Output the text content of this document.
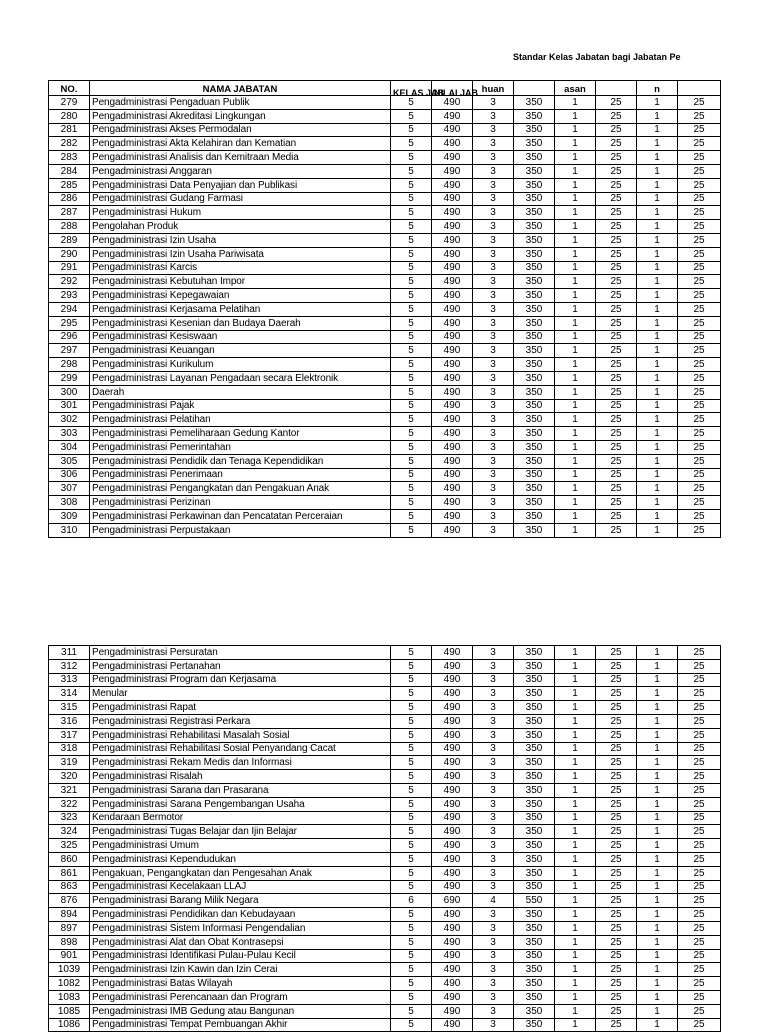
Standar Kelas Jabatan bagi Jabatan Pe
NO.	NAMA JABATAN	KELAS JAB	NILAI JAB	huan		asan		n	
279	Pengadministrasi Pengaduan Publik	5	490	3	350	1	25	1	25
280	Pengadministrasi Akreditasi Lingkungan	5	490	3	350	1	25	1	25
281	Pengadministrasi Akses Permodalan	5	490	3	350	1	25	1	25
282	Pengadministrasi Akta Kelahiran dan Kematian	5	490	3	350	1	25	1	25
283	Pengadministrasi Analisis dan Kemitraan Media	5	490	3	350	1	25	1	25
284	Pengadministrasi Anggaran	5	490	3	350	1	25	1	25
285	Pengadministrasi Data Penyajian dan Publikasi	5	490	3	350	1	25	1	25
286	Pengadministrasi Gudang Farmasi	5	490	3	350	1	25	1	25
287	Pengadministrasi Hukum	5	490	3	350	1	25	1	25
288	Pengolahan Produk	5	490	3	350	1	25	1	25
289	Pengadministrasi Izin Usaha	5	490	3	350	1	25	1	25
290	Pengadministrasi Izin Usaha Pariwisata	5	490	3	350	1	25	1	25
291	Pengadministrasi Karcis	5	490	3	350	1	25	1	25
292	Pengadministrasi Kebutuhan Impor	5	490	3	350	1	25	1	25
293	Pengadministrasi Kepegawaian	5	490	3	350	1	25	1	25
294	Pengadministrasi Kerjasama Pelatihan	5	490	3	350	1	25	1	25
295	Pengadministrasi Kesenian dan Budaya Daerah	5	490	3	350	1	25	1	25
296	Pengadministrasi Kesiswaan	5	490	3	350	1	25	1	25
297	Pengadministrasi Keuangan	5	490	3	350	1	25	1	25
298	Pengadministrasi Kurikulum	5	490	3	350	1	25	1	25
299	Pengadministrasi Layanan Pengadaan secara Elektronik	5	490	3	350	1	25	1	25
300	Daerah	5	490	3	350	1	25	1	25
301	Pengadministrasi Pajak	5	490	3	350	1	25	1	25
302	Pengadministrasi Pelatihan	5	490	3	350	1	25	1	25
303	Pengadministrasi Pemeliharaan Gedung Kantor	5	490	3	350	1	25	1	25
304	Pengadministrasi Pemerintahan	5	490	3	350	1	25	1	25
305	Pengadministrasi Pendidik dan Tenaga Kependidikan	5	490	3	350	1	25	1	25
306	Pengadministrasi Penerimaan	5	490	3	350	1	25	1	25
307	Pengadministrasi Pengangkatan dan Pengakuan Anak	5	490	3	350	1	25	1	25
308	Pengadministrasi Perizinan	5	490	3	350	1	25	1	25
309	Pengadministrasi Perkawinan dan Pencatatan Perceraian	5	490	3	350	1	25	1	25
310	Pengadministrasi Perpustakaan	5	490	3	350	1	25	1	25
311	Pengadministrasi Persuratan	5	490	3	350	1	25	1	25
312	Pengadministrasi Pertanahan	5	490	3	350	1	25	1	25
313	Pengadministrasi Program dan Kerjasama	5	490	3	350	1	25	1	25
314	Menular	5	490	3	350	1	25	1	25
315	Pengadministrasi Rapat	5	490	3	350	1	25	1	25
316	Pengadministrasi Registrasi Perkara	5	490	3	350	1	25	1	25
317	Pengadministrasi Rehabilitasi Masalah Sosial	5	490	3	350	1	25	1	25
318	Pengadministrasi Rehabilitasi Sosial Penyandang Cacat	5	490	3	350	1	25	1	25
319	Pengadministrasi Rekam Medis dan Informasi	5	490	3	350	1	25	1	25
320	Pengadministrasi Risalah	5	490	3	350	1	25	1	25
321	Pengadministrasi Sarana dan Prasarana	5	490	3	350	1	25	1	25
322	Pengadministrasi Sarana Pengembangan Usaha	5	490	3	350	1	25	1	25
323	Kendaraan Bermotor	5	490	3	350	1	25	1	25
324	Pengadministrasi Tugas Belajar dan Ijin Belajar	5	490	3	350	1	25	1	25
325	Pengadministrasi Umum	5	490	3	350	1	25	1	25
860	Pengadministrasi Kependudukan	5	490	3	350	1	25	1	25
861	Pengakuan, Pengangkatan dan Pengesahan Anak	5	490	3	350	1	25	1	25
863	Pengadministrasi Kecelakaan LLAJ	5	490	3	350	1	25	1	25
876	Pengadministrasi Barang Milik Negara	6	690	4	550	1	25	1	25
894	Pengadministrasi Pendidikan dan Kebudayaan	5	490	3	350	1	25	1	25
897	Pengadministrasi Sistem Informasi Pengendalian	5	490	3	350	1	25	1	25
898	Pengadministrasi Alat dan Obat Kontrasepsi	5	490	3	350	1	25	1	25
901	Pengadministrasi Identifikasi Pulau-Pulau Kecil	5	490	3	350	1	25	1	25
1039	Pengadministrasi Izin Kawin dan Izin Cerai	5	490	3	350	1	25	1	25
1082	Pengadministrasi Batas Wilayah	5	490	3	350	1	25	1	25
1083	Pengadministrasi Perencanaan dan Program	5	490	3	350	1	25	1	25
1085	Pengadministrasi IMB Gedung atau Bangunan	5	490	3	350	1	25	1	25
1086	Pengadministrasi Tempat Pembuangan Akhir	5	490	3	350	1	25	1	25
